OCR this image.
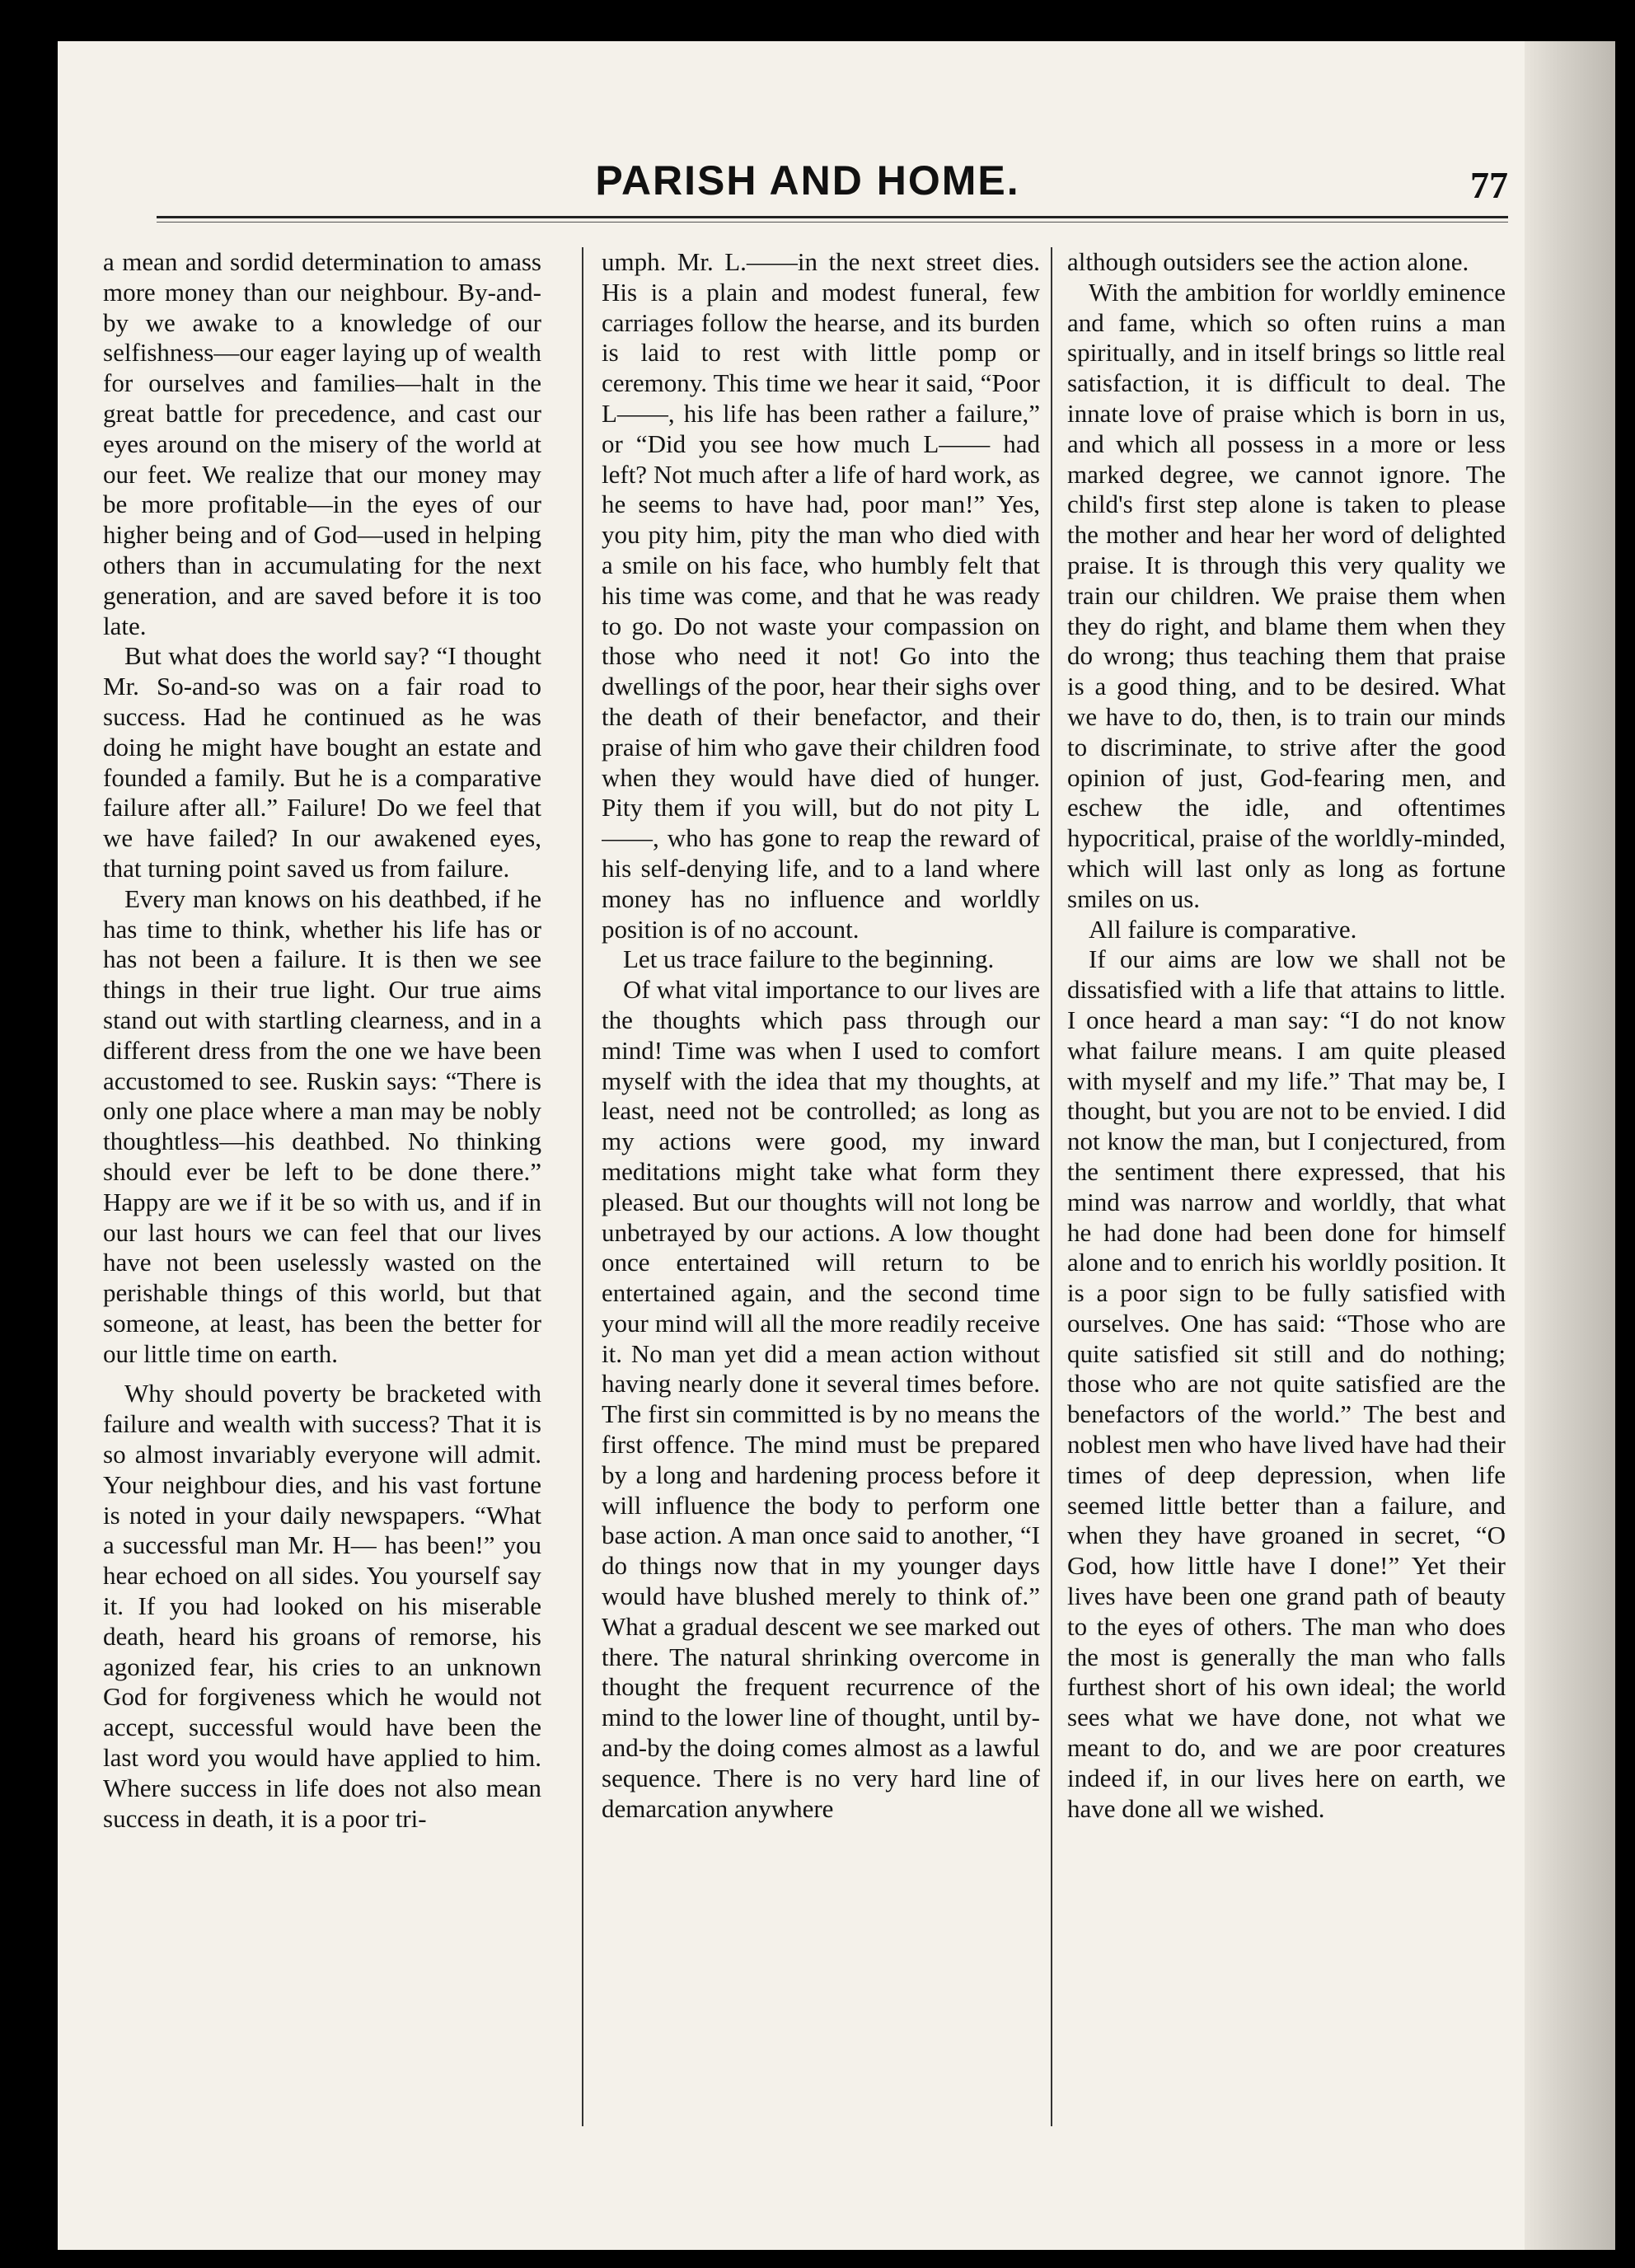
PARISH AND HOME.	77

a mean and sordid determination to amass more money than our neighbour. By-and-by we awake to a knowledge of our selfishness—our eager laying up of wealth for ourselves and families—halt in the great battle for precedence, and cast our eyes around on the misery of the world at our feet. We realize that our money may be more profitable—in the eyes of our higher being and of God—used in helping others than in accumulating for the next generation, and are saved before it is too late.

But what does the world say? “I thought Mr. So-and-so was on a fair road to success. Had he continued as he was doing he might have bought an estate and founded a family. But he is a comparative failure after all.” Failure! Do we feel that we have failed? In our awakened eyes, that turning point saved us from failure.

Every man knows on his deathbed, if he has time to think, whether his life has or has not been a failure. It is then we see things in their true light. Our true aims stand out with startling clearness, and in a different dress from the one we have been accustomed to see. Ruskin says: “There is only one place where a man may be nobly thoughtless—his deathbed. No thinking should ever be left to be done there.” Happy are we if it be so with us, and if in our last hours we can feel that our lives have not been uselessly wasted on the perishable things of this world, but that someone, at least, has been the better for our little time on earth.

Why should poverty be bracketed with failure and wealth with success? That it is so almost invariably everyone will admit. Your neighbour dies, and his vast fortune is noted in your daily newspapers. “What a successful man Mr. H— has been!” you hear echoed on all sides. You yourself say it. If you had looked on his miserable death, heard his groans of remorse, his agonized fear, his cries to an unknown God for forgiveness which he would not accept, successful would have been the last word you would have applied to him. Where success in life does not also mean success in death, it is a poor tri-

umph. Mr. L.——in the next street dies. His is a plain and modest funeral, few carriages follow the hearse, and its burden is laid to rest with little pomp or ceremony. This time we hear it said, “Poor L——, his life has been rather a failure,” or “Did you see how much L—— had left? Not much after a life of hard work, as he seems to have had, poor man!” Yes, you pity him, pity the man who died with a smile on his face, who humbly felt that his time was come, and that he was ready to go. Do not waste your compassion on those who need it not! Go into the dwellings of the poor, hear their sighs over the death of their benefactor, and their praise of him who gave their children food when they would have died of hunger. Pity them if you will, but do not pity L——, who has gone to reap the reward of his self-denying life, and to a land where money has no influence and worldly position is of no account.

Let us trace failure to the beginning.

Of what vital importance to our lives are the thoughts which pass through our mind! Time was when I used to comfort myself with the idea that my thoughts, at least, need not be controlled; as long as my actions were good, my inward meditations might take what form they pleased. But our thoughts will not long be unbetrayed by our actions. A low thought once entertained will return to be entertained again, and the second time your mind will all the more readily receive it. No man yet did a mean action without having nearly done it several times before. The first sin committed is by no means the first offence. The mind must be prepared by a long and hardening process before it will influence the body to perform one base action. A man once said to another, “I do things now that in my younger days would have blushed merely to think of.” What a gradual descent we see marked out there. The natural shrinking overcome in thought the frequent recurrence of the mind to the lower line of thought, until by-and-by the doing comes almost as a lawful sequence. There is no very hard line of demarcation anywhere

although outsiders see the action alone.

With the ambition for worldly eminence and fame, which so often ruins a man spiritually, and in itself brings so little real satisfaction, it is difficult to deal. The innate love of praise which is born in us, and which all possess in a more or less marked degree, we cannot ignore. The child's first step alone is taken to please the mother and hear her word of delighted praise. It is through this very quality we train our children. We praise them when they do right, and blame them when they do wrong; thus teaching them that praise is a good thing, and to be desired. What we have to do, then, is to train our minds to discriminate, to strive after the good opinion of just, God-fearing men, and eschew the idle, and oftentimes hypocritical, praise of the worldly-minded, which will last only as long as fortune smiles on us.

All failure is comparative.

If our aims are low we shall not be dissatisfied with a life that attains to little. I once heard a man say: “I do not know what failure means. I am quite pleased with myself and my life.” That may be, I thought, but you are not to be envied. I did not know the man, but I conjectured, from the sentiment there expressed, that his mind was narrow and worldly, that what he had done had been done for himself alone and to enrich his worldly position. It is a poor sign to be fully satisfied with ourselves. One has said: “Those who are quite satisfied sit still and do nothing; those who are not quite satisfied are the benefactors of the world.” The best and noblest men who have lived have had their times of deep depression, when life seemed little better than a failure, and when they have groaned in secret, “O God, how little have I done!” Yet their lives have been one grand path of beauty to the eyes of others. The man who does the most is generally the man who falls furthest short of his own ideal; the world sees what we have done, not what we meant to do, and we are poor creatures indeed if, in our lives here on earth, we have done all we wished.
